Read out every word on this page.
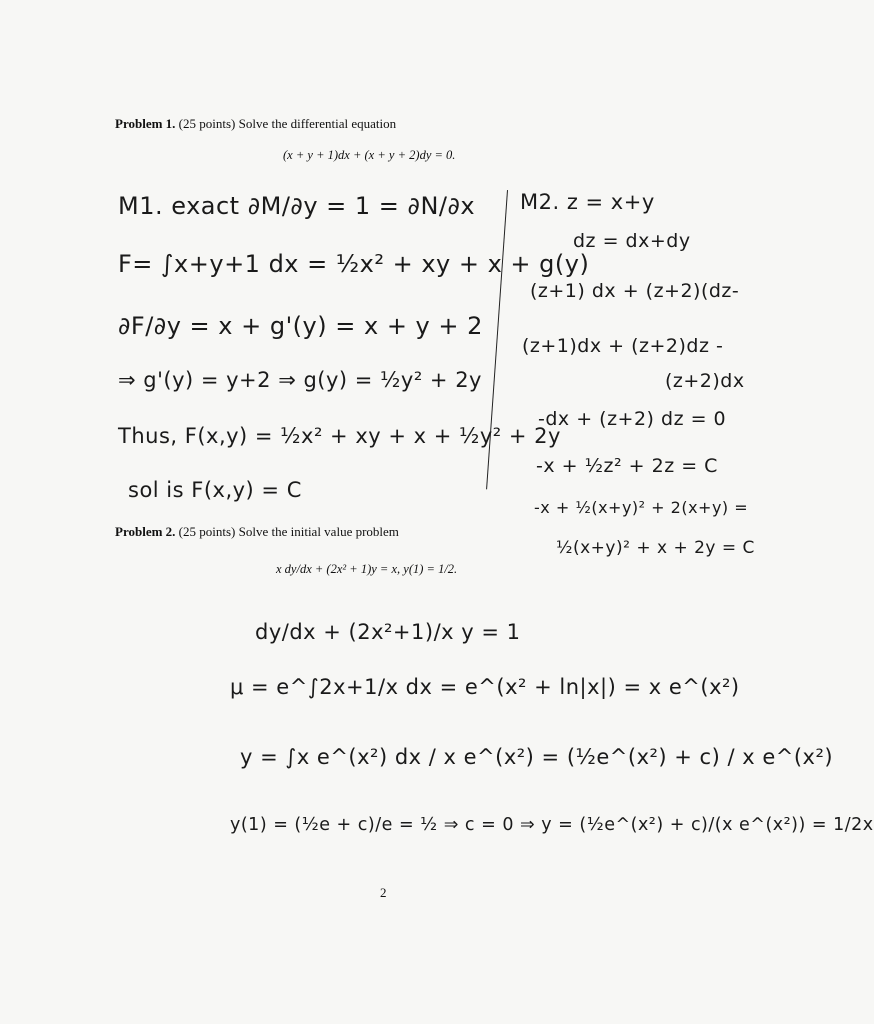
Problem 1. (25 points) Solve the differential equation
(x + y + 1)dx + (x + y + 2)dy = 0.
M1. exact ∂M/∂y = 1 = ∂N/∂x
F= ∫x+y+1 dx = ½x² + xy + x + g(y)
∂F/∂y = x + g'(y) = x + y + 2
⇒ g'(y) = y+2 ⇒ g(y) = ½y² + 2y
Thus, F(x,y) = ½x² + xy + x + ½y² + 2y
sol is F(x,y) = C
M2. z = x+y
dz = dx+dy
(z+1) dx + (z+2)(dz-
(z+1)dx + (z+2)dz -
(z+2)dx
-dx + (z+2) dz = 0
-x + ½z² + 2z = C
-x + ½(x+y)² + 2(x+y) =
½(x+y)² + x + 2y = C
Problem 2. (25 points) Solve the initial value problem
x dy/dx + (2x² + 1)y = x, y(1) = 1/2.
dy/dx + (2x²+1)/x y = 1
μ = e^∫2x+1/x dx = e^(x² + ln|x|) = x e^(x²)
y = ∫x e^(x²) dx / x e^(x²) = (½e^(x²) + c) / x e^(x²)
y(1) = (½e + c)/e = ½ ⇒ c = 0 ⇒ y = (½e^(x²) + c)/(x e^(x²)) = 1/2x
2
